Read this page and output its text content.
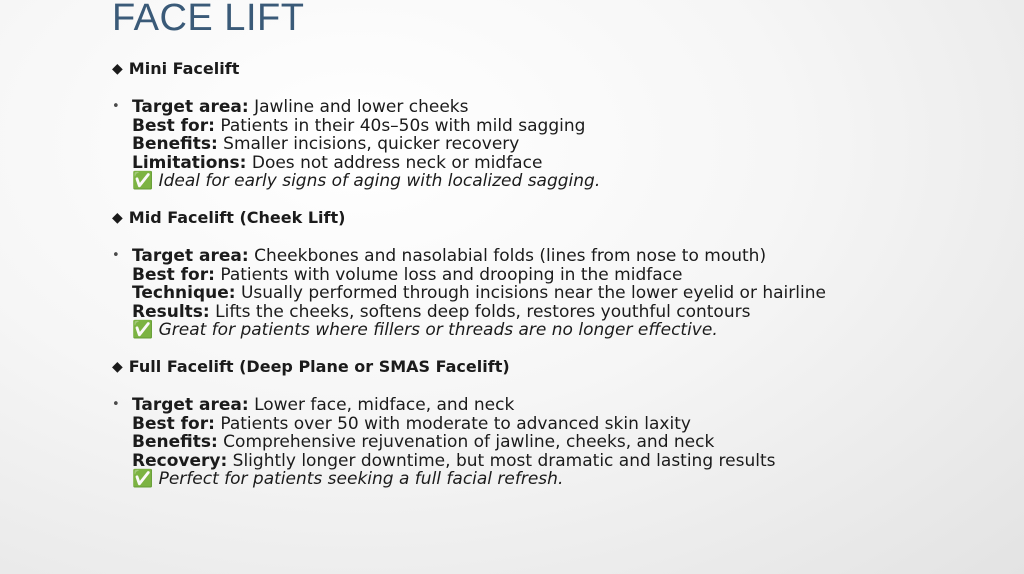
FACE LIFT
◆ Mini Facelift
• Target area: Jawline and lower cheeks
Best for: Patients in their 40s–50s with mild sagging
Benefits: Smaller incisions, quicker recovery
Limitations: Does not address neck or midface
✅ Ideal for early signs of aging with localized sagging.
◆ Mid Facelift (Cheek Lift)
• Target area: Cheekbones and nasolabial folds (lines from nose to mouth)
Best for: Patients with volume loss and drooping in the midface
Technique: Usually performed through incisions near the lower eyelid or hairline
Results: Lifts the cheeks, softens deep folds, restores youthful contours
✅ Great for patients where fillers or threads are no longer effective.
◆ Full Facelift (Deep Plane or SMAS Facelift)
• Target area: Lower face, midface, and neck
Best for: Patients over 50 with moderate to advanced skin laxity
Benefits: Comprehensive rejuvenation of jawline, cheeks, and neck
Recovery: Slightly longer downtime, but most dramatic and lasting results
✅ Perfect for patients seeking a full facial refresh.
